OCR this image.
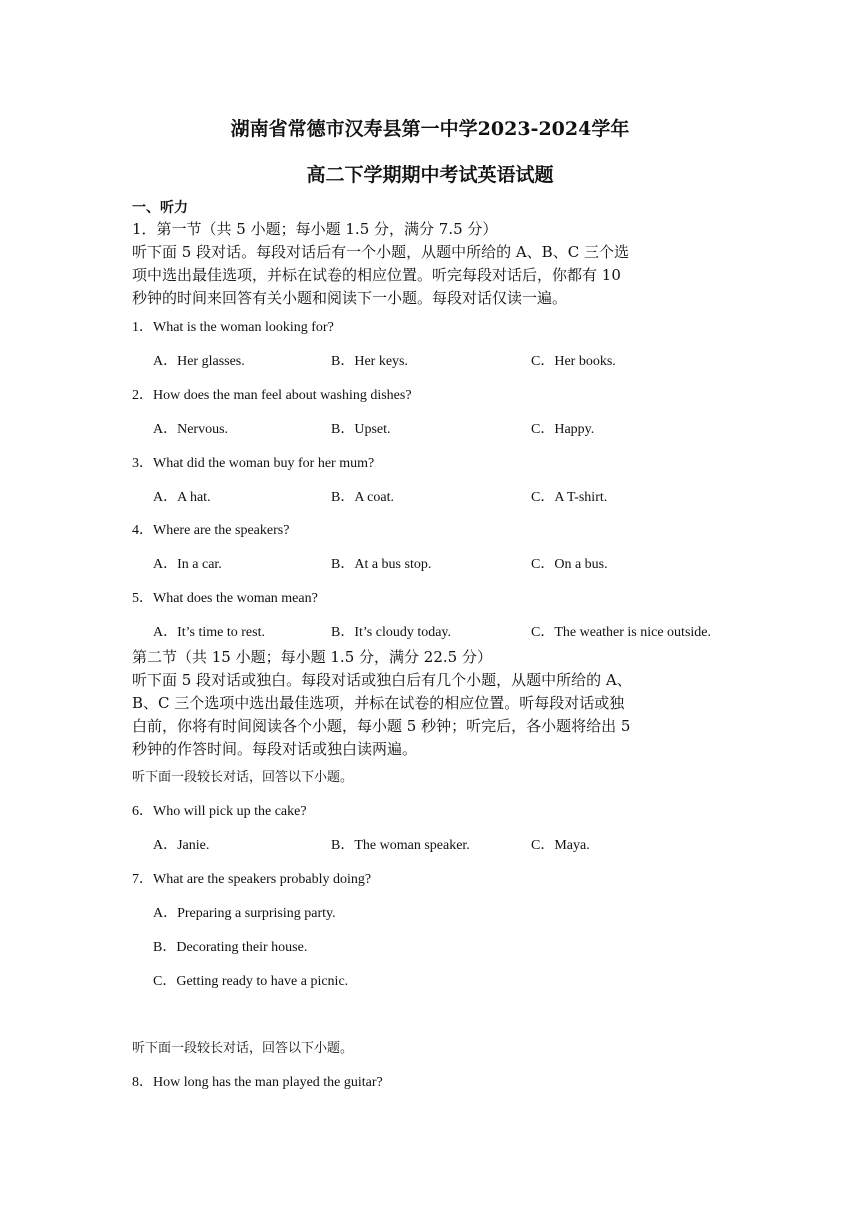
湖南省常德市汉寿县第一中学2023-2024学年
高二下学期期中考试英语试题
一、听力
1．第一节（共 5 小题；每小题 1.5 分，满分 7.5 分）
听下面 5 段对话。每段对话后有一个小题，从题中所给的 A、B、C 三个选
项中选出最佳选项，并标在试卷的相应位置。听完每段对话后，你都有 10
秒钟的时间来回答有关小题和阅读下一小题。每段对话仅读一遍。
1．What is the woman looking for?
A．Her glasses.	B．Her keys.	C．Her books.
2．How does the man feel about washing dishes?
A．Nervous.	B．Upset.	C．Happy.
3．What did the woman buy for her mum?
A．A hat.	B．A coat.	C．A T-shirt.
4．Where are the speakers?
A．In a car.	B．At a bus stop.	C．On a bus.
5．What does the woman mean?
A．It’s time to rest.	B．It’s cloudy today.	C．The weather is nice outside.
第二节（共 15 小题；每小题 1.5 分，满分 22.5 分）
听下面 5 段对话或独白。每段对话或独白后有几个小题，从题中所给的 A、
B、C 三个选项中选出最佳选项，并标在试卷的相应位置。听每段对话或独
白前，你将有时间阅读各个小题，每小题 5 秒钟；听完后，各小题将给出 5
秒钟的作答时间。每段对话或独白读两遍。
听下面一段较长对话，回答以下小题。
6．Who will pick up the cake?
A．Janie.	B．The woman speaker.	C．Maya.
7．What are the speakers probably doing?
A．Preparing a surprising party.
B．Decorating their house.
C．Getting ready to have a picnic.
听下面一段较长对话，回答以下小题。
8．How long has the man played the guitar?
